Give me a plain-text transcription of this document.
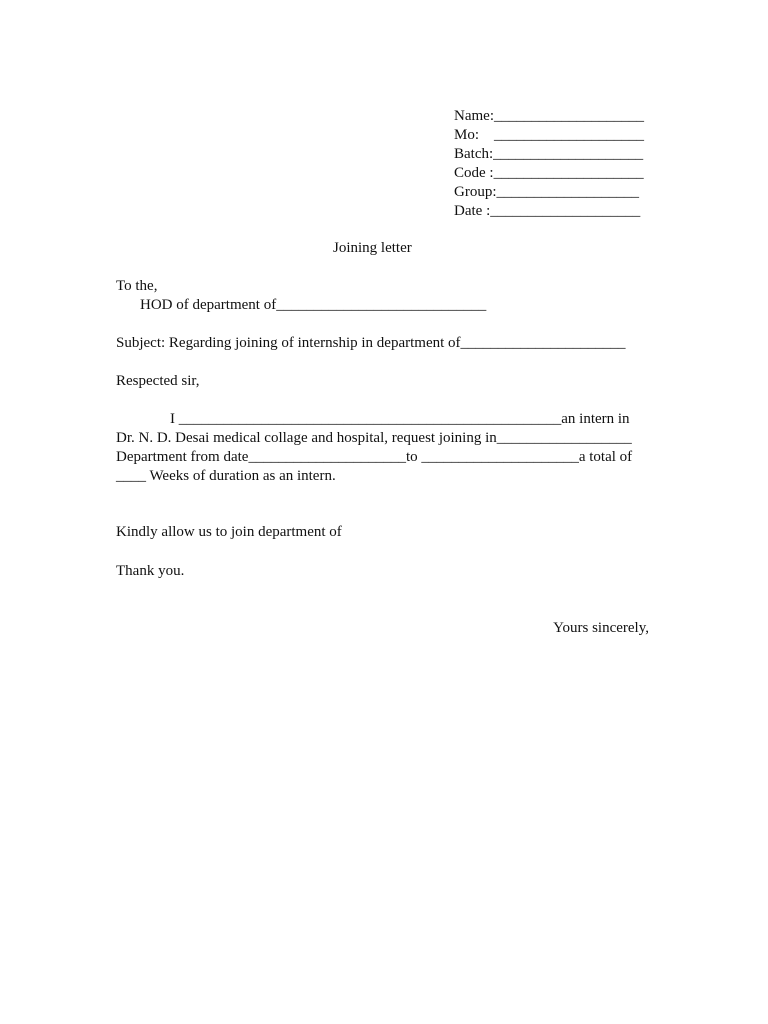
Name:____________________

Mo:    ____________________

Batch:____________________

Code :____________________

Group:___________________

Date :____________________

Joining letter

To the,

HOD of department of____________________________

Subject: Regarding joining of internship in department of______________________

Respected sir,

I ___________________________________________________an intern in

Dr. N. D. Desai medical collage and hospital, request joining in__________________

Department from date_____________________to _____________________a total of

____ Weeks of duration as an intern.

Kindly allow us to join department of

Thank you.

Yours sincerely,
